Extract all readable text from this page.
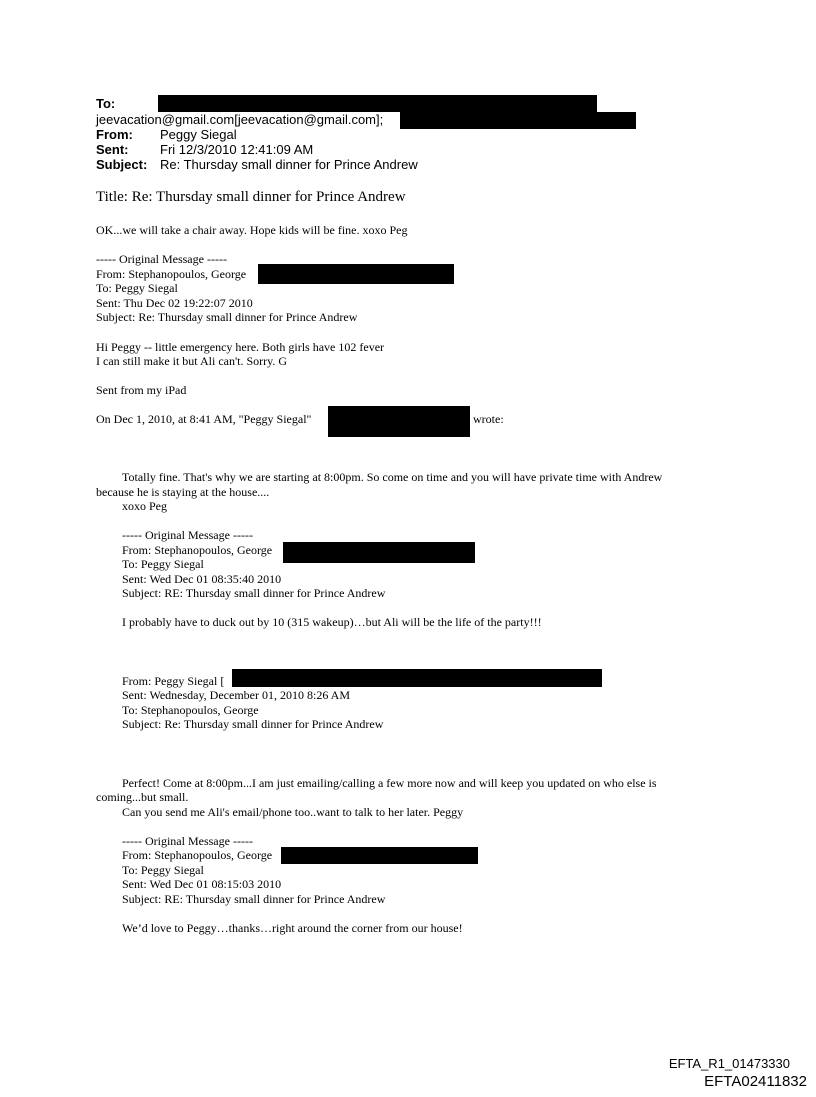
To:
jeevacation@gmail.com[jeevacation@gmail.com];
From: Peggy Siegal
Sent: Fri 12/3/2010 12:41:09 AM
Subject: Re: Thursday small dinner for Prince Andrew
Title: Re: Thursday small dinner for Prince Andrew
OK...we will take a chair away. Hope kids will be fine. xoxo Peg
----- Original Message -----
From: Stephanopoulos, George
To: Peggy Siegal
Sent: Thu Dec 02 19:22:07 2010
Subject: Re: Thursday small dinner for Prince Andrew
Hi Peggy -- little emergency here. Both girls have 102 fever
I can still make it but Ali can't. Sorry. G
Sent from my iPad
On Dec 1, 2010, at 8:41 AM, "Peggy Siegal"	wrote:
Totally fine. That's why we are starting at 8:00pm. So come on time and you will have private time with Andrew
because he is staying at the house....
xoxo Peg
----- Original Message -----
From: Stephanopoulos, George
To: Peggy Siegal
Sent: Wed Dec 01 08:35:40 2010
Subject: RE: Thursday small dinner for Prince Andrew
I probably have to duck out by 10 (315 wakeup)…but Ali will be the life of the party!!!
From: Peggy Siegal [
Sent: Wednesday, December 01, 2010 8:26 AM
To: Stephanopoulos, George
Subject: Re: Thursday small dinner for Prince Andrew
Perfect! Come at 8:00pm...I am just emailing/calling a few more now and will keep you updated on who else is
coming...but small.
Can you send me Ali's email/phone too..want to talk to her later. Peggy
----- Original Message -----
From: Stephanopoulos, George
To: Peggy Siegal
Sent: Wed Dec 01 08:15:03 2010
Subject: RE: Thursday small dinner for Prince Andrew
We’d love to Peggy…thanks…right around the corner from our house!
EFTA_R1_01473330
EFTA02411832
